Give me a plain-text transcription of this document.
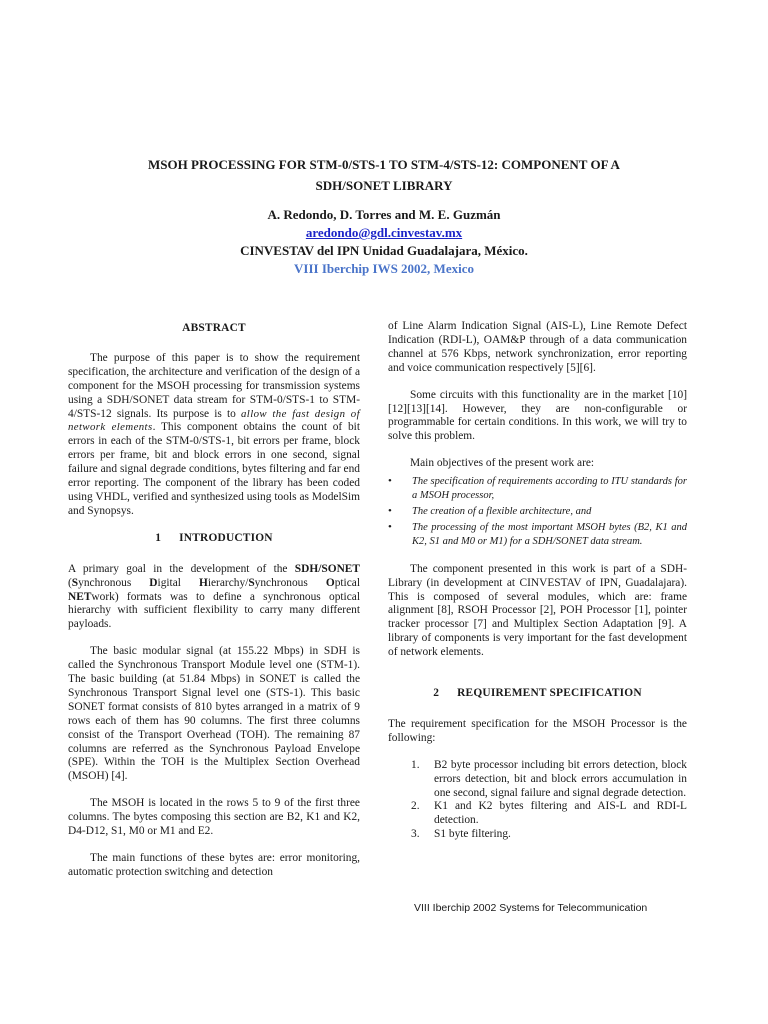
MSOH PROCESSING FOR STM-0/STS-1 TO STM-4/STS-12: COMPONENT OF A
SDH/SONET LIBRARY
A. Redondo, D. Torres and M. E. Guzmán
aredondo@gdl.cinvestav.mx
CINVESTAV del IPN Unidad Guadalajara, México.
VIII Iberchip IWS 2002, Mexico
ABSTRACT

The purpose of this paper is to show the requirement specification, the architecture and verification of the design of a component for the MSOH processing for transmission systems using a SDH/SONET data stream for STM-0/STS-1 to STM-4/STS-12 signals. Its purpose is to allow the fast design of network elements. This component obtains the count of bit errors in each of the STM-0/STS-1, bit errors per frame, block errors per frame, bit and block errors in one second, signal failure and signal degrade conditions, bytes filtering and far end error reporting. The component of the library has been coded using VHDL, verified and synthesized using tools as ModelSim and Synopsys.

1 INTRODUCTION

A primary goal in the development of the SDH/SONET (Synchronous Digital Hierarchy/Synchronous Optical NETwork) formats was to define a synchronous optical hierarchy with sufficient flexibility to carry many different payloads.

The basic modular signal (at 155.22 Mbps) in SDH is called the Synchronous Transport Module level one (STM-1). The basic building (at 51.84 Mbps) in SONET is called the Synchronous Transport Signal level one (STS-1). This basic SONET format consists of 810 bytes arranged in a matrix of 9 rows each of them has 90 columns. The first three columns consist of the Transport Overhead (TOH). The remaining 87 columns are referred as the Synchronous Payload Envelope (SPE). Within the TOH is the Multiplex Section Overhead (MSOH) [4].

The MSOH is located in the rows 5 to 9 of the first three columns. The bytes composing this section are B2, K1 and K2, D4-D12, S1, M0 or M1 and E2.

The main functions of these bytes are: error monitoring, automatic protection switching and detection

of Line Alarm Indication Signal (AIS-L), Line Remote Defect Indication (RDI-L), OAM&P through of a data communication channel at 576 Kbps, network synchronization, error reporting and voice communication respectively [5][6].

Some circuits with this functionality are in the market [10][12][13][14]. However, they are non-configurable or programmable for certain conditions. In this work, we will try to solve this problem.

Main objectives of the present work are:

• The specification of requirements according to ITU standards for a MSOH processor,
• The creation of a flexible architecture, and
• The processing of the most important MSOH bytes (B2, K1 and K2, S1 and M0 or M1) for a SDH/SONET data stream.

The component presented in this work is part of a SDH-Library (in development at CINVESTAV of IPN, Guadalajara). This is composed of several modules, which are: frame alignment [8], RSOH Processor [2], POH Processor [1], pointer tracker processor [7] and Multiplex Section Adaptation [9]. A library of components is very important for the fast development of network elements.

2 REQUIREMENT SPECIFICATION

The requirement specification for the MSOH Processor is the following:

1. B2 byte processor including bit errors detection, block errors detection, bit and block errors accumulation in one second, signal failure and signal degrade detection.
2. K1 and K2 bytes filtering and AIS-L and RDI-L detection.
3. S1 byte filtering.
VIII Iberchip 2002 Systems for Telecommunication
